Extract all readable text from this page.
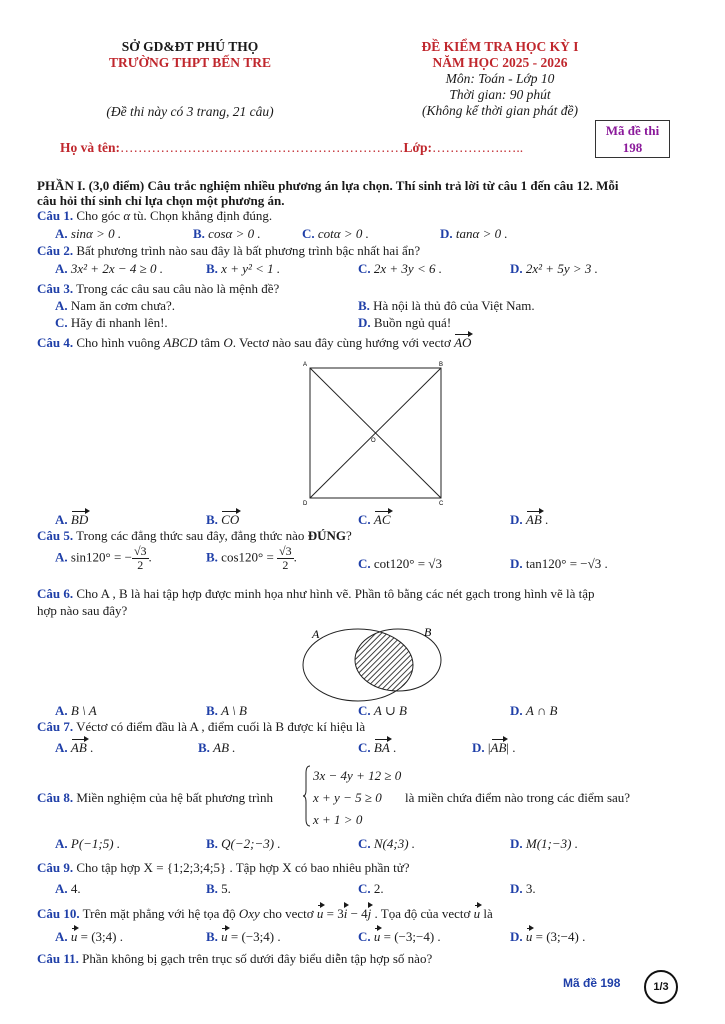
SỞ GD&ĐT PHÚ THỌ
TRƯỜNG THPT BẾN TRE
(Đề thi này có 3 trang, 21 câu)
ĐỀ KIỂM TRA HỌC KỲ I
NĂM HỌC 2025 - 2026
Môn: Toán - Lớp 10
Thời gian: 90 phút
(Không kể thời gian phát đề)
Mã đề thi
198
Họ và tên:………………………………………………………Lớp:…………….…..
PHẦN I. (3,0 điểm) Câu trắc nghiệm nhiều phương án lựa chọn. Thí sinh trả lời từ câu 1 đến câu 12. Mỗi
câu hỏi thí sinh chỉ lựa chọn một phương án.
Câu 1. Cho góc α tù. Chọn khẳng định đúng.
A. sinα > 0 .	B. cosα > 0 .	C. cotα > 0 .	D. tanα > 0 .
Câu 2. Bất phương trình nào sau đây là bất phương trình bậc nhất hai ẩn?
A. 3x² + 2x − 4 ≥ 0 .	B. x + y² < 1 .	C. 2x + 3y < 6 .	D. 2x² + 5y > 3 .
Câu 3. Trong các câu sau câu nào là mệnh đề?
A. Nam ăn cơm chưa?.	B. Hà nội là thủ đô của Việt Nam.
C. Hãy đi nhanh lên!.	D. Buồn ngủ quá!
Câu 4. Cho hình vuông ABCD tâm O. Vectơ nào sau đây cùng hướng với vectơ AO
A	B
C
D
O
A. BD	B. CO	C. AC	D. AB .
Câu 5. Trong các đẳng thức sau đây, đẳng thức nào ĐÚNG?
A. sin120° = − $\frac{√3}{2}$ .	B. $\cos 120^\circ = \frac{√3}{2}$ .	C. cot120° = √3	D. tan120° = −√3 .
Câu 6. Cho A , B là hai tập hợp được minh họa như hình vẽ. Phần tô bằng các nét gạch trong hình vẽ là tập
hợp nào sau đây?
A	B
A. B \ A	B. A \ B	C. A ∪ B	D. A ∩ B
Câu 7. Véctơ có điểm đầu là A , điểm cuối là B được kí hiệu là
A. AB .	B. AB .	C. BA .	D. |AB| .
Câu 8. Miền nghiệm của hệ bất phương trình
3x − 4y + 12 ≥ 0
x + y − 5 ≥ 0
x + 1 > 0
là miền chứa điểm nào trong các điểm sau?
A. P(−1;5) .	B. Q(−2;−3) .	C. N(4;3) .	D. M(1;−3) .
Câu 9. Cho tập hợp X = {1;2;3;4;5} . Tập hợp X có bao nhiêu phần tử?
A. 4.	B. 5.	C. 2.	D. 3.
Câu 10. Trên mặt phẳng với hệ tọa độ Oxy cho vectơ u = 3i − 4j . Tọa độ của vectơ u là
A. u = (3;4) .	B. u = (−3;4) .	C. u = (−3;−4) .	D. u = (3;−4) .
Câu 11. Phần không bị gạch trên trục số dưới đây biểu diễn tập hợp số nào?
Mã đề 198	1/3
